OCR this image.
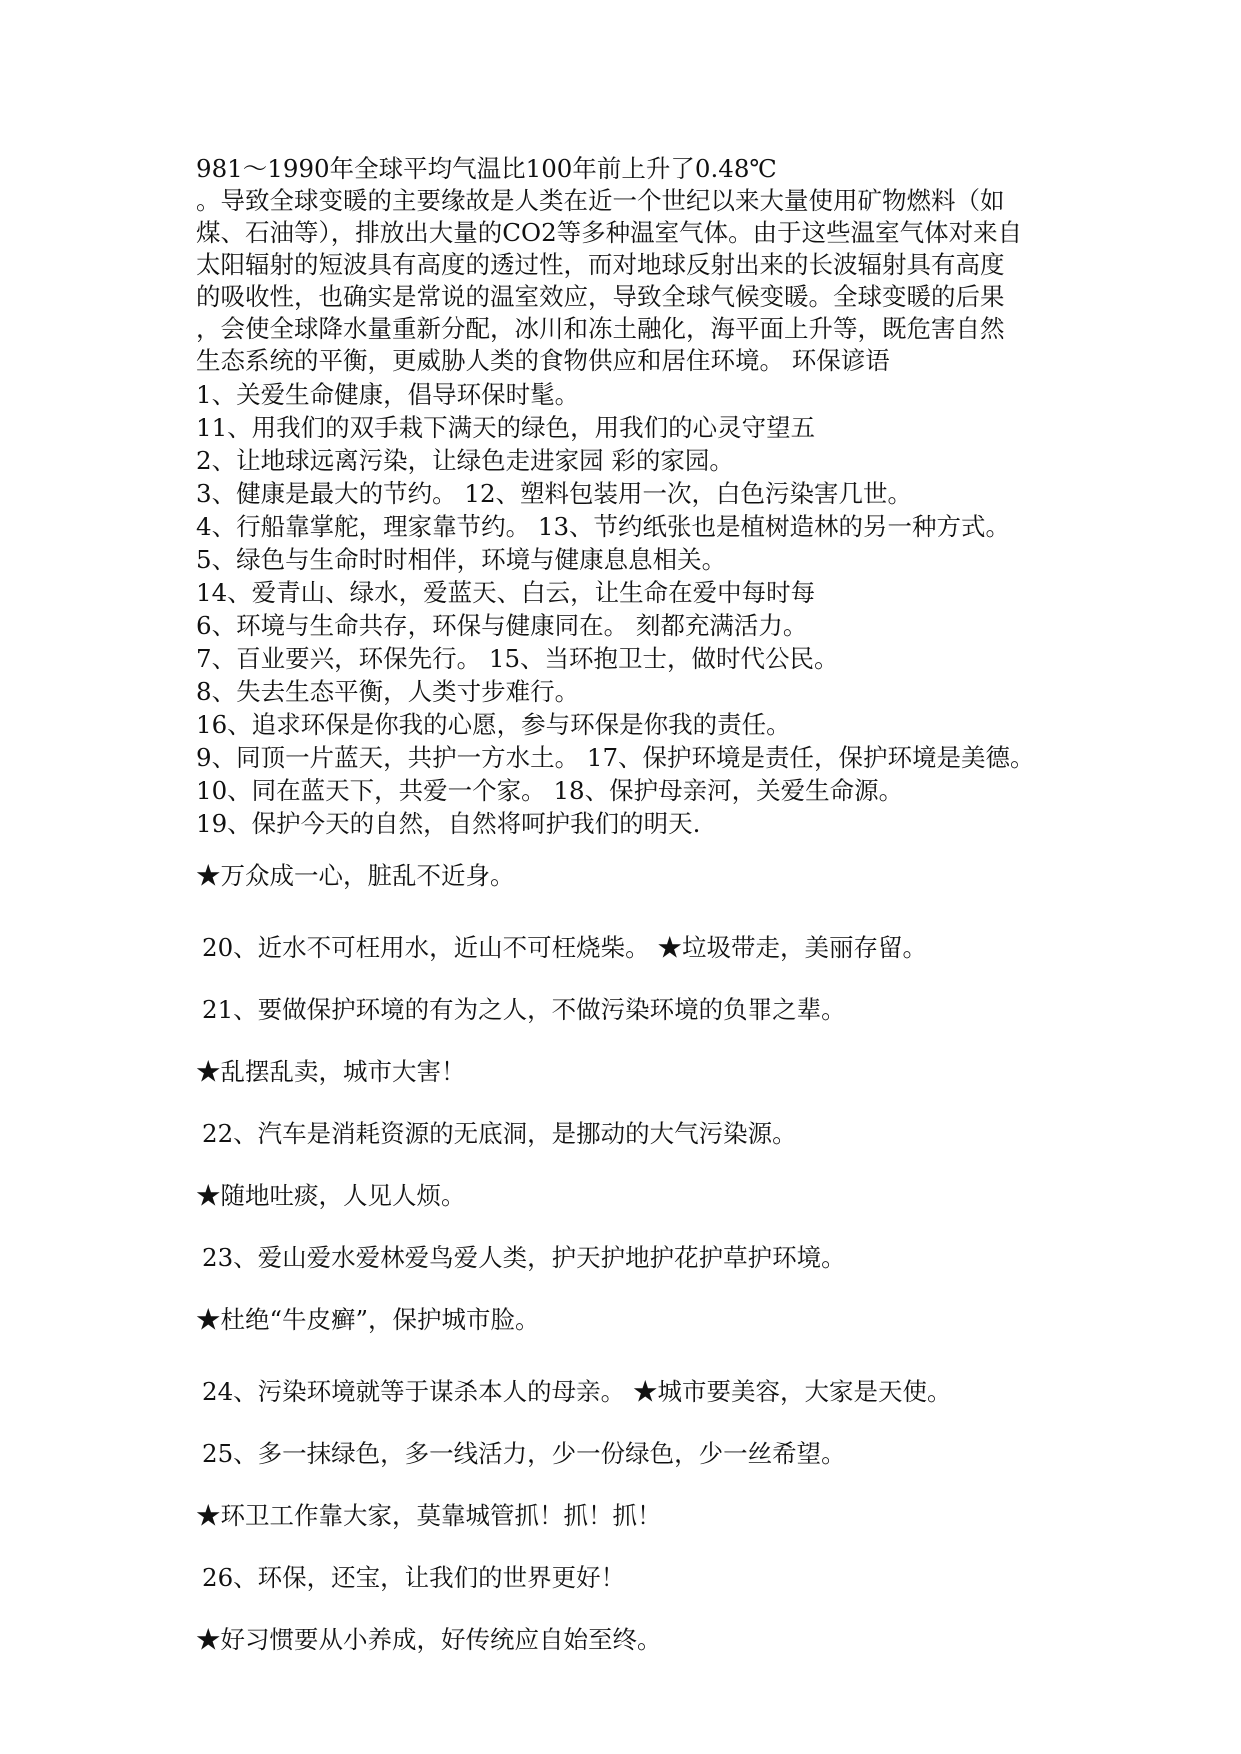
981～1990年全球平均气温比100年前上升了0.48℃
。导致全球变暖的主要缘故是人类在近一个世纪以来大量使用矿物燃料（如
煤、石油等），排放出大量的CO2等多种温室气体。由于这些温室气体对来自
太阳辐射的短波具有高度的透过性，而对地球反射出来的长波辐射具有高度
的吸收性，也确实是常说的温室效应，导致全球气候变暖。全球变暖的后果
，会使全球降水量重新分配，冰川和冻土融化，海平面上升等，既危害自然
生态系统的平衡，更威胁人类的食物供应和居住环境。 环保谚语
1、关爱生命健康，倡导环保时髦。
11、用我们的双手栽下满天的绿色，用我们的心灵守望五
2、让地球远离污染，让绿色走进家园 彩的家园。
3、健康是最大的节约。 12、塑料包装用一次，白色污染害几世。
4、行船靠掌舵，理家靠节约。 13、节约纸张也是植树造林的另一种方式。
5、绿色与生命时时相伴，环境与健康息息相关。
14、爱青山、绿水，爱蓝天、白云，让生命在爱中每时每
6、环境与生命共存，环保与健康同在。 刻都充满活力。
7、百业要兴，环保先行。 15、当环抱卫士，做时代公民。
8、失去生态平衡，人类寸步难行。
16、追求环保是你我的心愿，参与环保是你我的责任。
9、同顶一片蓝天，共护一方水土。 17、保护环境是责任，保护环境是美德。
10、同在蓝天下，共爱一个家。 18、保护母亲河，关爱生命源。
19、保护今天的自然，自然将呵护我们的明天.
★万众成一心，脏乱不近身。
20、近水不可枉用水，近山不可枉烧柴。 ★垃圾带走，美丽存留。
21、要做保护环境的有为之人，不做污染环境的负罪之辈。
★乱摆乱卖，城市大害！
22、汽车是消耗资源的无底洞，是挪动的大气污染源。
★随地吐痰，人见人烦。
23、爱山爱水爱林爱鸟爱人类，护天护地护花护草护环境。
★杜绝“牛皮癣”，保护城市脸。
24、污染环境就等于谋杀本人的母亲。 ★城市要美容，大家是天使。
25、多一抹绿色，多一线活力，少一份绿色，少一丝希望。
★环卫工作靠大家，莫靠城管抓！抓！抓！
26、环保，还宝，让我们的世界更好！
★好习惯要从小养成，好传统应自始至终。
